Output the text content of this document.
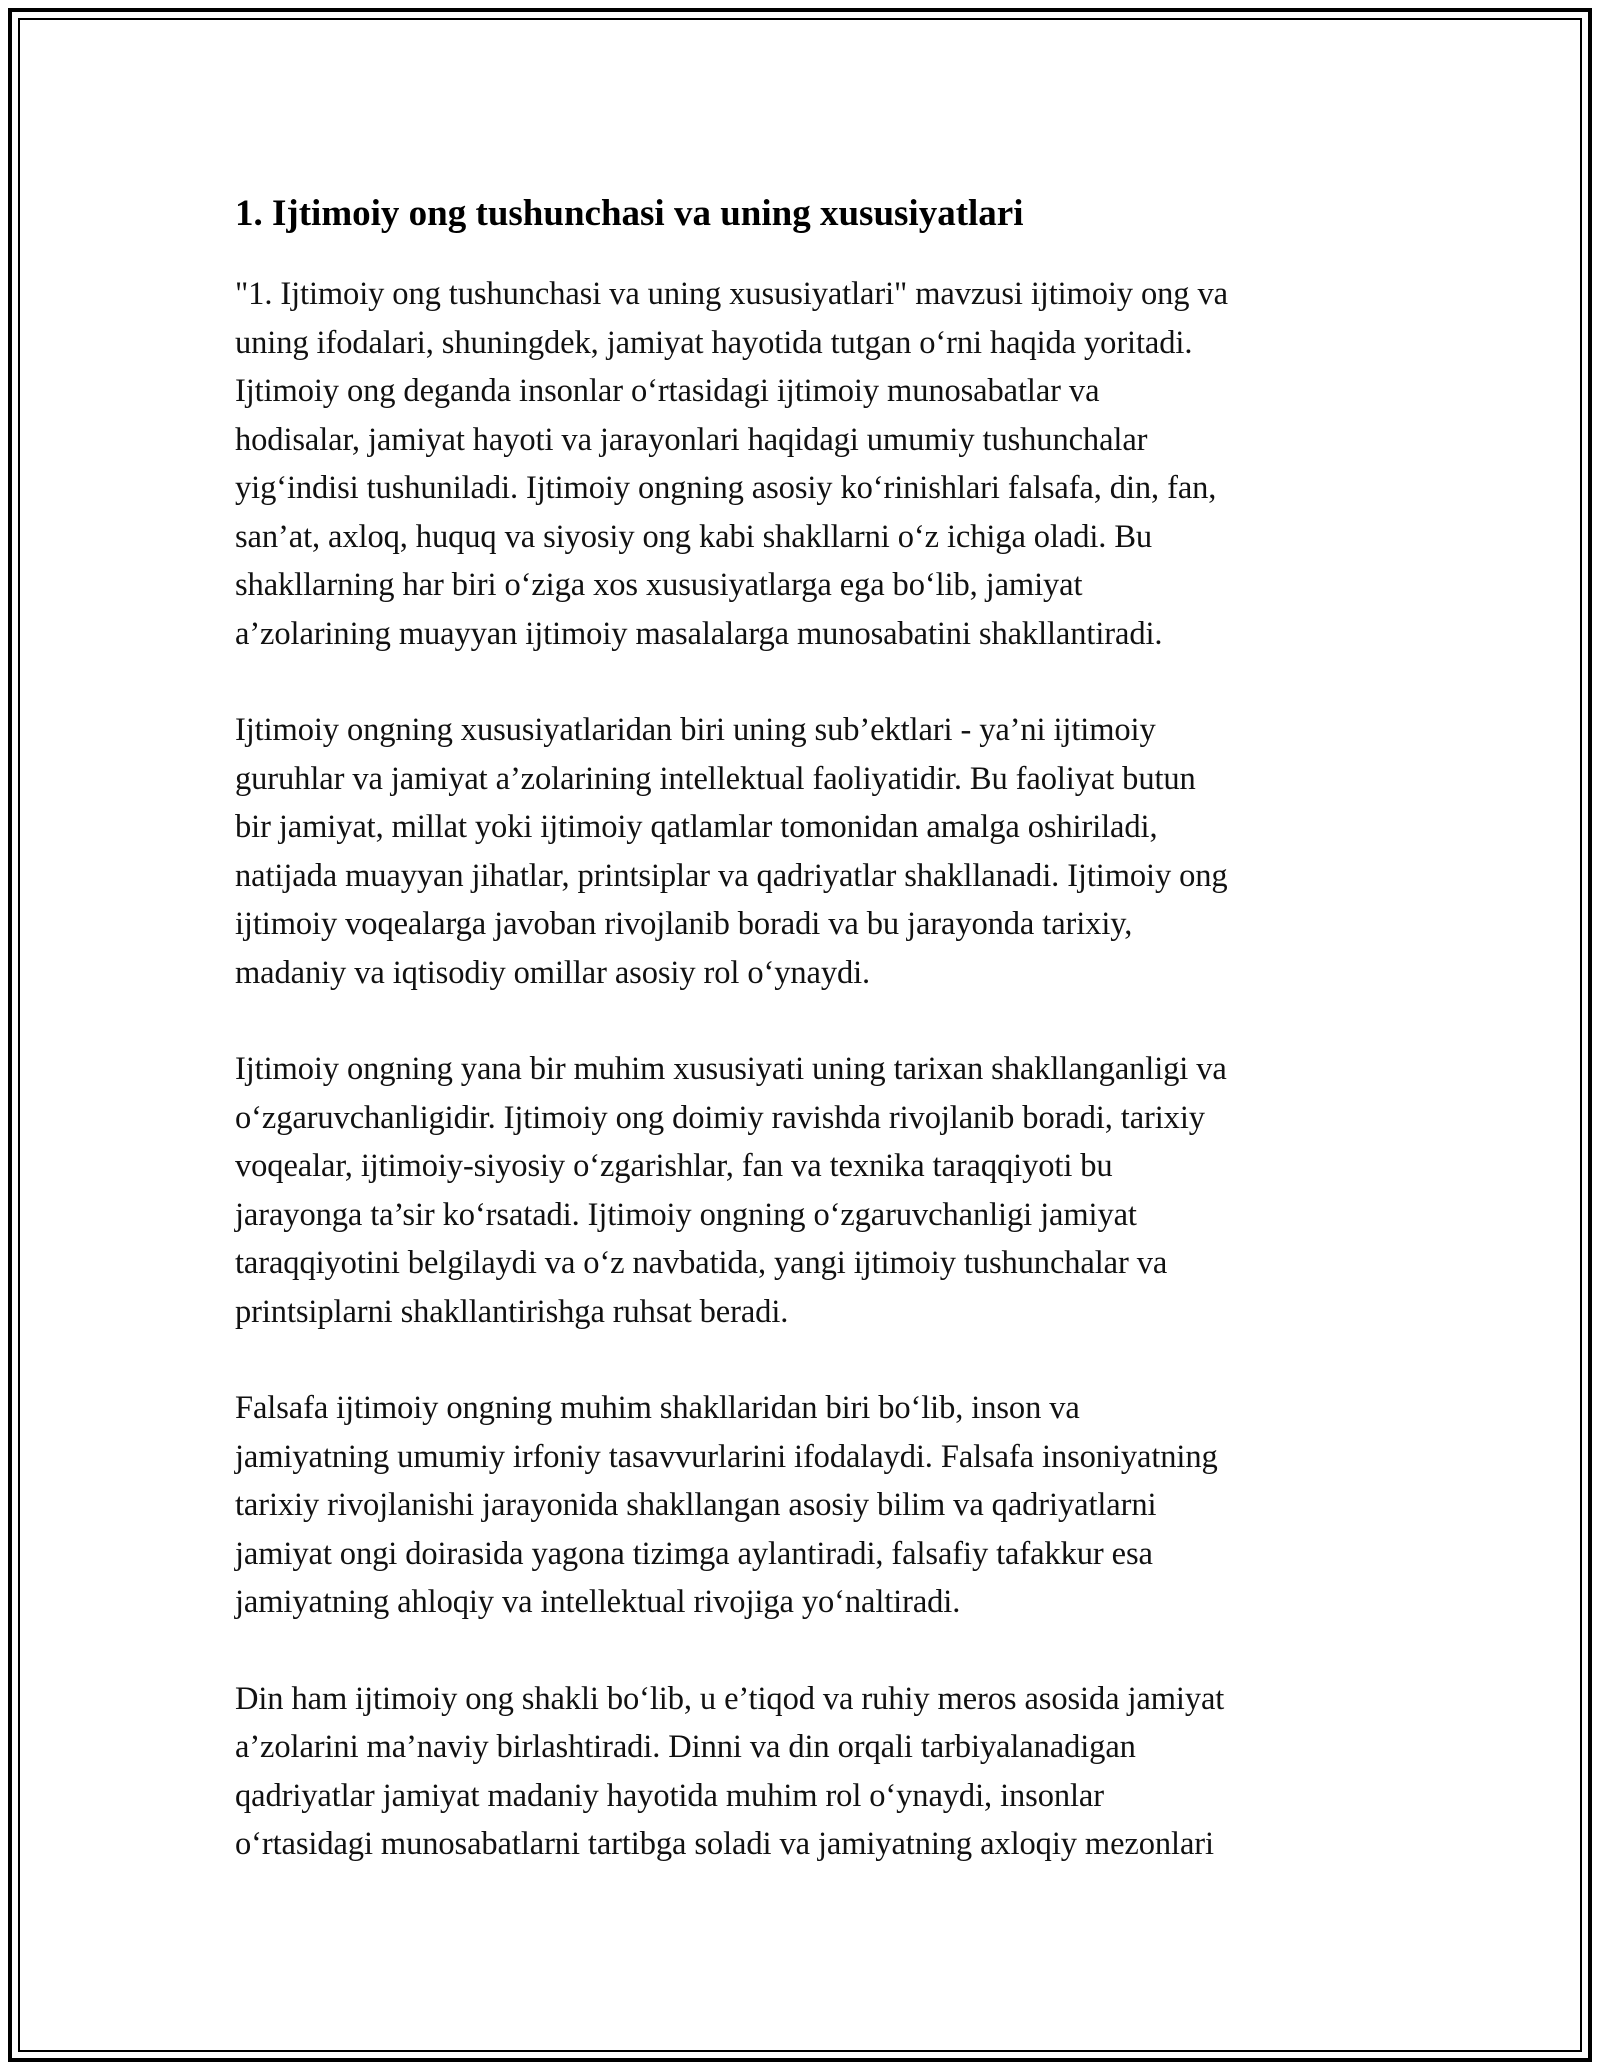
1. Ijtimoiy ong tushunchasi va uning xususiyatlari

"1. Ijtimoiy ong tushunchasi va uning xususiyatlari" mavzusi ijtimoiy ong va
uning ifodalari, shuningdek, jamiyat hayotida tutgan o‘rni haqida yoritadi.
Ijtimoiy ong deganda insonlar o‘rtasidagi ijtimoiy munosabatlar va
hodisalar, jamiyat hayoti va jarayonlari haqidagi umumiy tushunchalar
yig‘indisi tushuniladi. Ijtimoiy ongning asosiy ko‘rinishlari falsafa, din, fan,
san’at, axloq, huquq va siyosiy ong kabi shakllarni o‘z ichiga oladi. Bu
shakllarning har biri o‘ziga xos xususiyatlarga ega bo‘lib, jamiyat
a’zolarining muayyan ijtimoiy masalalarga munosabatini shakllantiradi.

Ijtimoiy ongning xususiyatlaridan biri uning sub’ektlari - ya’ni ijtimoiy
guruhlar va jamiyat a’zolarining intellektual faoliyatidir. Bu faoliyat butun
bir jamiyat, millat yoki ijtimoiy qatlamlar tomonidan amalga oshiriladi,
natijada muayyan jihatlar, printsiplar va qadriyatlar shakllanadi. Ijtimoiy ong
ijtimoiy voqealarga javoban rivojlanib boradi va bu jarayonda tarixiy,
madaniy va iqtisodiy omillar asosiy rol o‘ynaydi.

Ijtimoiy ongning yana bir muhim xususiyati uning tarixan shakllanganligi va
o‘zgaruvchanligidir. Ijtimoiy ong doimiy ravishda rivojlanib boradi, tarixiy
voqealar, ijtimoiy-siyosiy o‘zgarishlar, fan va texnika taraqqiyoti bu
jarayonga ta’sir ko‘rsatadi. Ijtimoiy ongning o‘zgaruvchanligi jamiyat
taraqqiyotini belgilaydi va o‘z navbatida, yangi ijtimoiy tushunchalar va
printsiplarni shakllantirishga ruhsat beradi.

Falsafa ijtimoiy ongning muhim shakllaridan biri bo‘lib, inson va
jamiyatning umumiy irfoniy tasavvurlarini ifodalaydi. Falsafa insoniyatning
tarixiy rivojlanishi jarayonida shakllangan asosiy bilim va qadriyatlarni
jamiyat ongi doirasida yagona tizimga aylantiradi, falsafiy tafakkur esa
jamiyatning ahloqiy va intellektual rivojiga yo‘naltiradi.

Din ham ijtimoiy ong shakli bo‘lib, u e’tiqod va ruhiy meros asosida jamiyat
a’zolarini ma’naviy birlashtiradi. Dinni va din orqali tarbiyalanadigan
qadriyatlar jamiyat madaniy hayotida muhim rol o‘ynaydi, insonlar
o‘rtasidagi munosabatlarni tartibga soladi va jamiyatning axloqiy mezonlari
